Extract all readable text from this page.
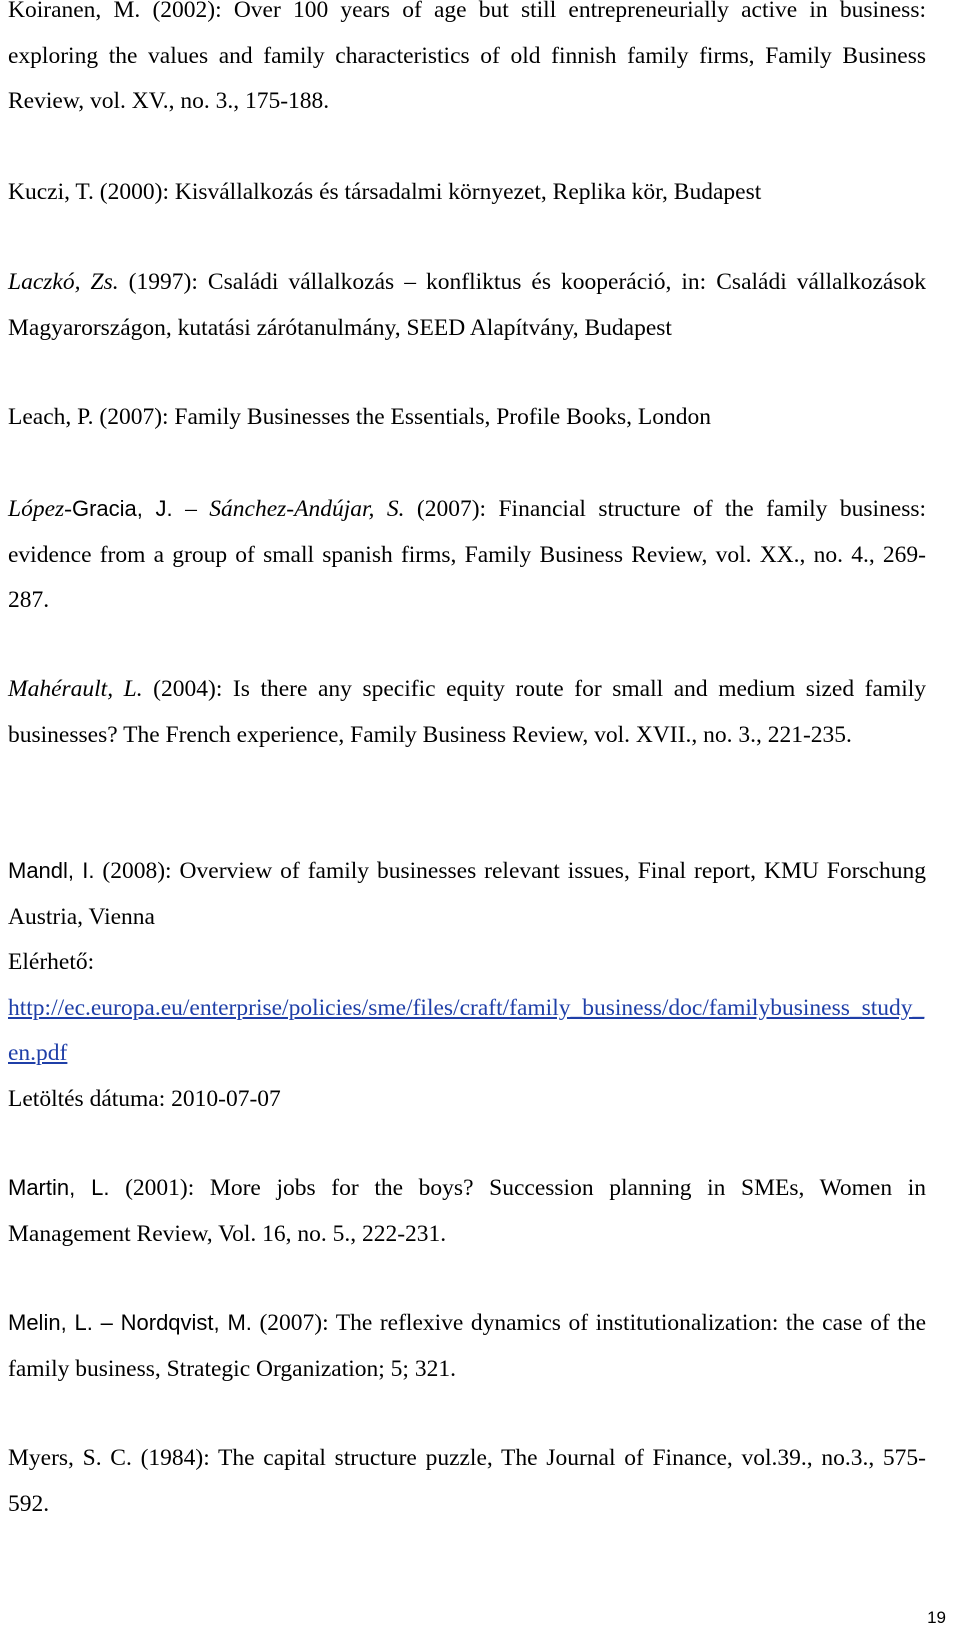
Koiranen, M. (2002): Over 100 years of age but still entrepreneurially active in business: exploring the values and family characteristics of old finnish family firms, Family Business Review, vol. XV., no. 3., 175-188.
Kuczi, T. (2000): Kisvállalkozás és társadalmi környezet, Replika kör, Budapest
Laczkó, Zs. (1997): Családi vállalkozás – konfliktus és kooperáció, in: Családi vállalkozások Magyarországon, kutatási zárótanulmány, SEED Alapítvány, Budapest
Leach, P. (2007): Family Businesses the Essentials, Profile Books, London
López-Gracia, J. – Sánchez-Andújar, S. (2007): Financial structure of the family business: evidence from a group of small spanish firms, Family Business Review, vol. XX., no. 4., 269-287.
Mahérault, L. (2004): Is there any specific equity route for small and medium sized family businesses? The French experience, Family Business Review, vol. XVII., no. 3., 221-235.
Mandl, I. (2008): Overview of family businesses relevant issues, Final report, KMU Forschung Austria, Vienna
Elérhető:
http://ec.europa.eu/enterprise/policies/sme/files/craft/family_business/doc/familybusiness_study_en.pdf
Letöltés dátuma: 2010-07-07
Martin, L. (2001): More jobs for the boys? Succession planning in SMEs, Women in Management Review, Vol. 16, no. 5., 222-231.
Melin, L. – Nordqvist, M. (2007): The reflexive dynamics of institutionalization: the case of the family business, Strategic Organization; 5; 321.
Myers, S. C. (1984): The capital structure puzzle, The Journal of Finance, vol.39., no.3., 575-592.
19
